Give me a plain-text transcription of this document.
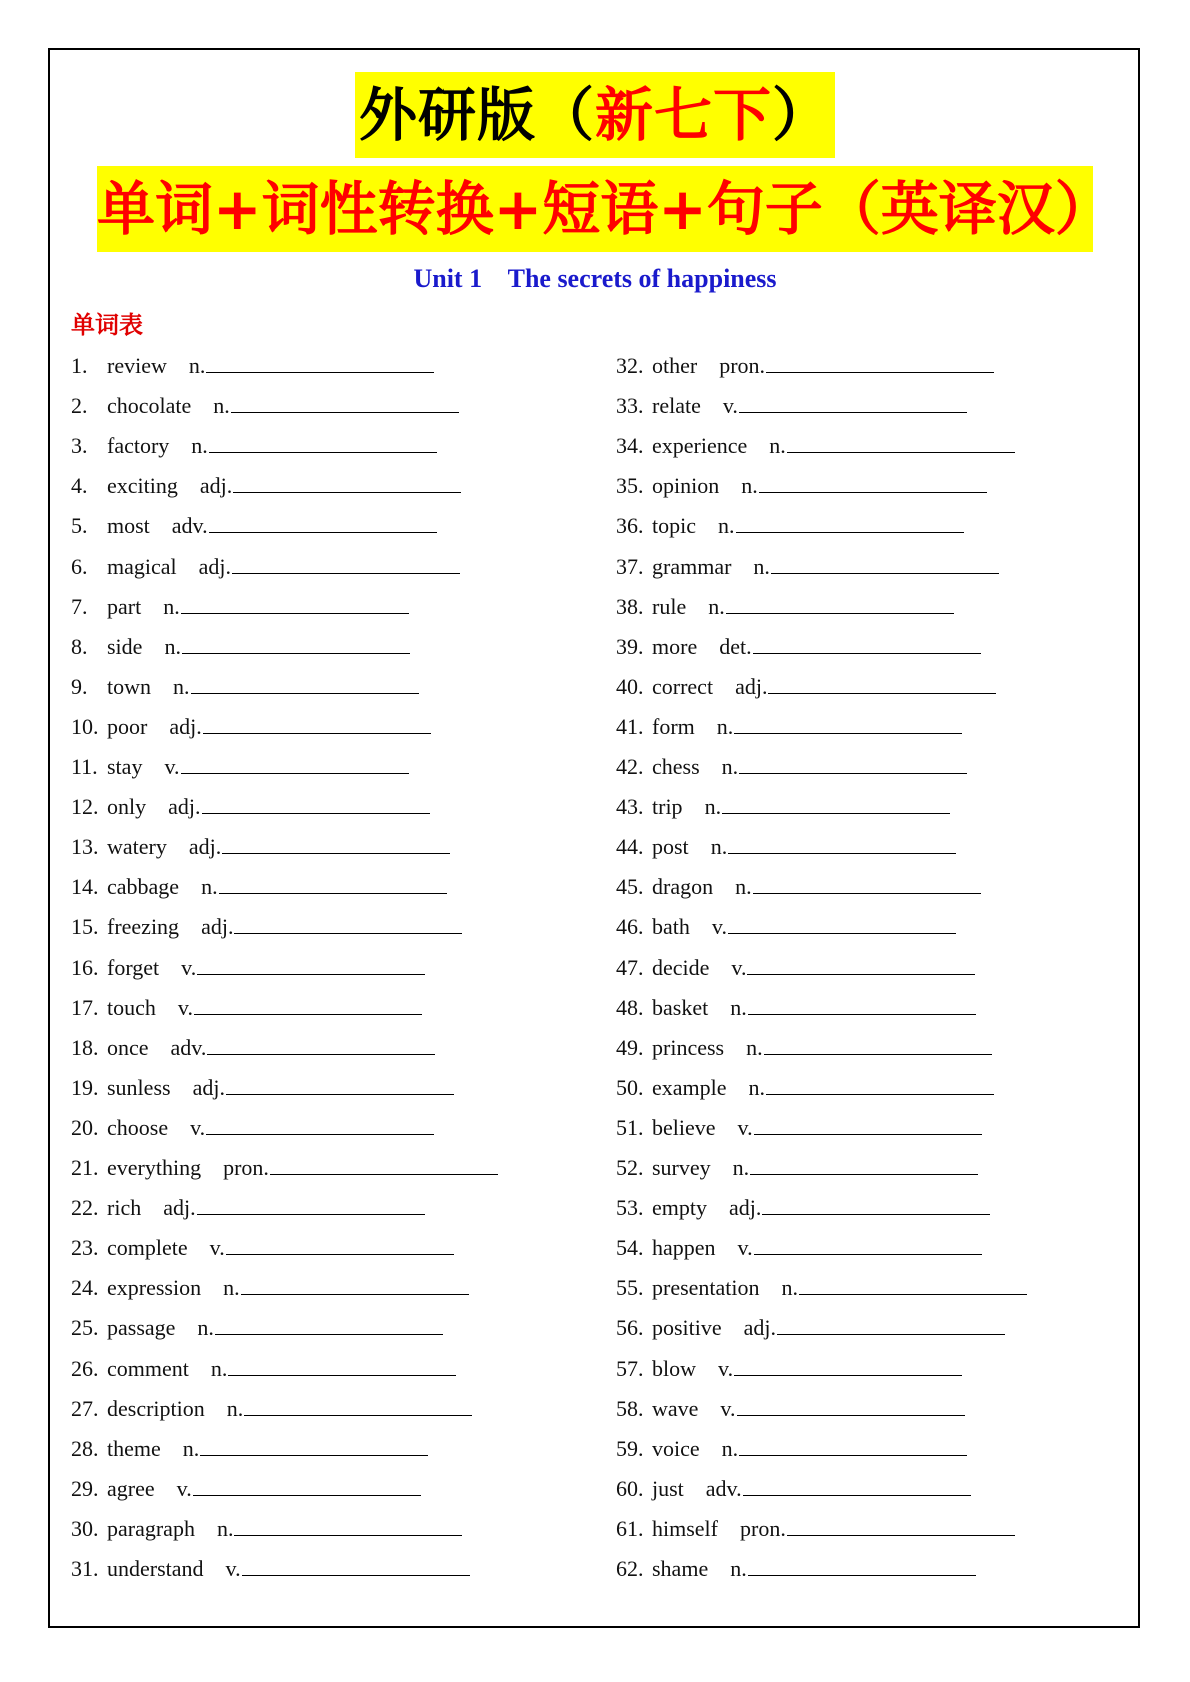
外研版（新七下）
单词+词性转换+短语+句子（英译汉）
Unit 1    The secrets of happiness
单词表
1. review n.
2. chocolate n.
3. factory n.
4. exciting adj.
5. most adv.
6. magical adj.
7. part n.
8. side n.
9. town n.
10. poor adj.
11. stay v.
12. only adj.
13. watery adj.
14. cabbage n.
15. freezing adj.
16. forget v.
17. touch v.
18. once adv.
19. sunless adj.
20. choose v.
21. everything pron.
22. rich adj.
23. complete v.
24. expression n.
25. passage n.
26. comment n.
27. description n.
28. theme n.
29. agree v.
30. paragraph n.
31. understand v.
32. other pron.
33. relate v.
34. experience n.
35. opinion n.
36. topic n.
37. grammar n.
38. rule n.
39. more det.
40. correct adj.
41. form n.
42. chess n.
43. trip n.
44. post n.
45. dragon n.
46. bath v.
47. decide v.
48. basket n.
49. princess n.
50. example n.
51. believe v.
52. survey n.
53. empty adj.
54. happen v.
55. presentation n.
56. positive adj.
57. blow v.
58. wave v.
59. voice n.
60. just adv.
61. himself pron.
62. shame n.
